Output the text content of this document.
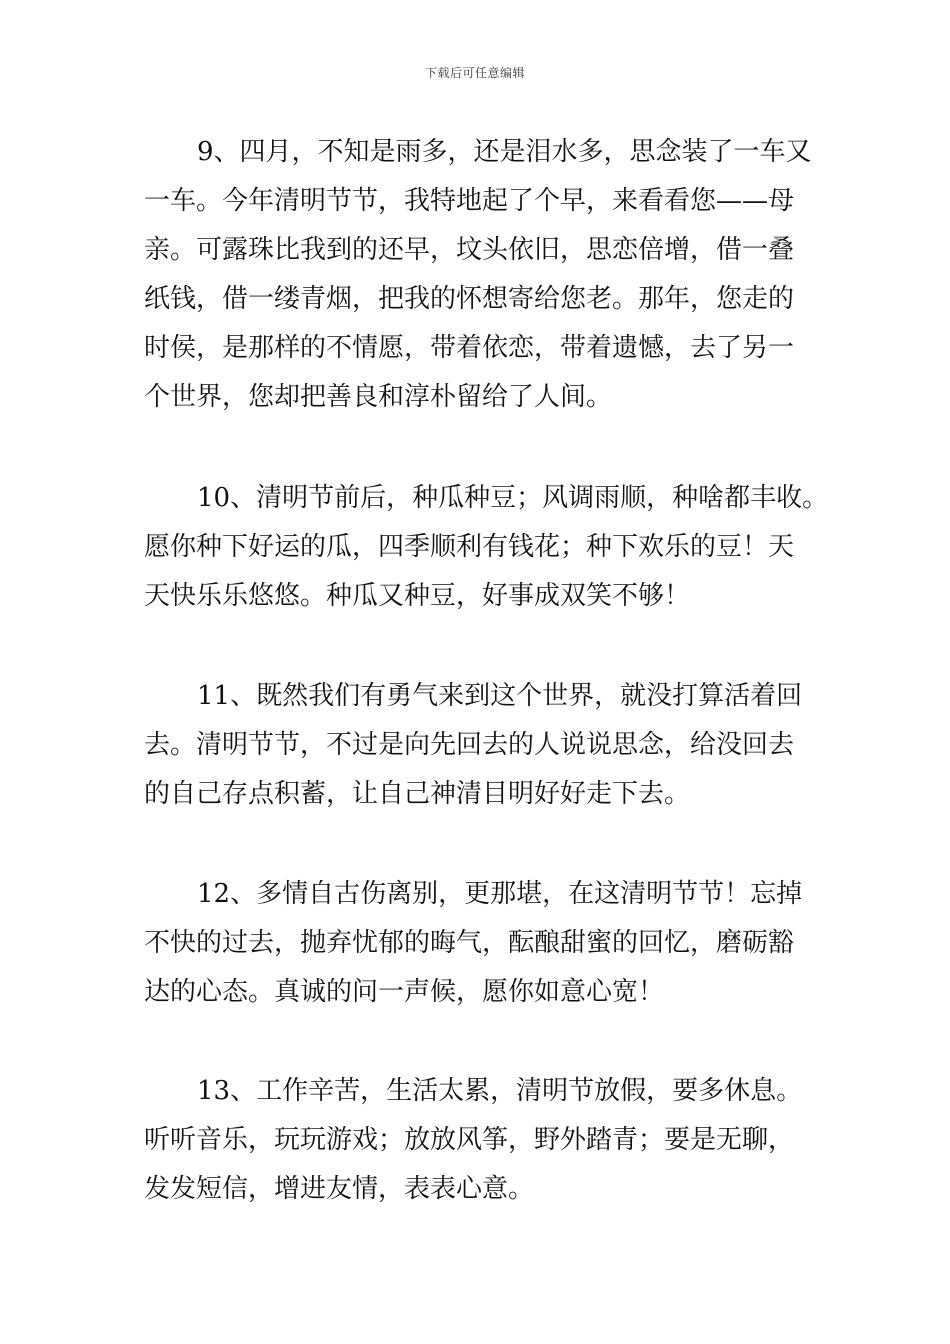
下载后可任意编辑

9、四月，不知是雨多，还是泪水多，思念装了一车又
一车。今年清明节节，我特地起了个早，来看看您——母
亲。可露珠比我到的还早，坟头依旧，思恋倍增，借一叠
纸钱，借一缕青烟，把我的怀想寄给您老。那年，您走的
时侯，是那样的不情愿，带着依恋，带着遗憾，去了另一
个世界，您却把善良和淳朴留给了人间。

10、清明节前后，种瓜种豆；风调雨顺，种啥都丰收。
愿你种下好运的瓜，四季顺利有钱花；种下欢乐的豆！天
天快乐乐悠悠。种瓜又种豆，好事成双笑不够！

11、既然我们有勇气来到这个世界，就没打算活着回
去。清明节节，不过是向先回去的人说说思念，给没回去
的自己存点积蓄，让自己神清目明好好走下去。

12、多情自古伤离别，更那堪，在这清明节节！忘掉
不快的过去，抛弃忧郁的晦气，酝酿甜蜜的回忆，磨砺豁
达的心态。真诚的问一声候，愿你如意心宽！

13、工作辛苦，生活太累，清明节放假，要多休息。
听听音乐，玩玩游戏；放放风筝，野外踏青；要是无聊，
发发短信，增进友情，表表心意。
